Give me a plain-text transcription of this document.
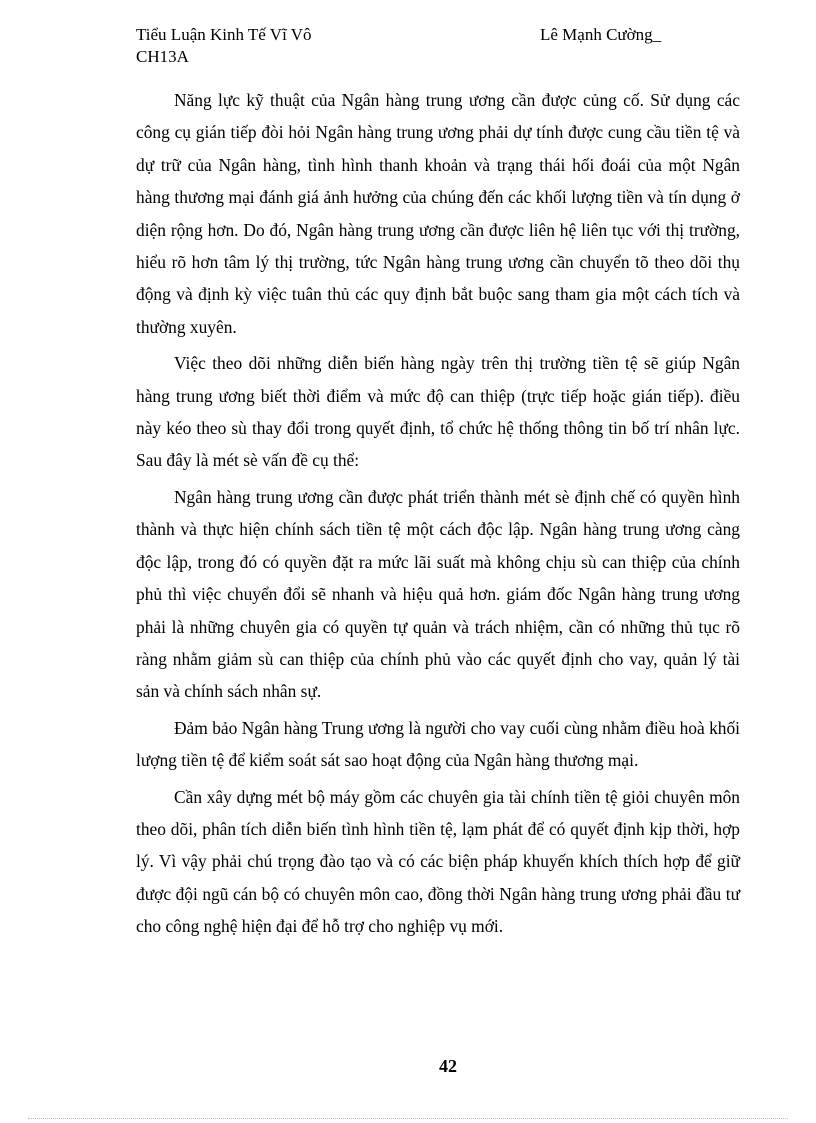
Tiểu Luận Kinh Tế Vĩ Vô CH13A
Lê Mạnh Cường_

Năng lực kỹ thuật của Ngân hàng trung ương cần được củng cố. Sử dụng các công cụ gián tiếp đòi hỏi Ngân hàng trung ương phải dự tính được cung cầu tiền tệ và dự trữ của Ngân hàng, tình hình thanh khoản và trạng thái hối đoái của một Ngân hàng thương mại đánh giá ảnh hưởng của chúng đến các khối lượng tiền và tín dụng ở diện rộng hơn. Do đó, Ngân hàng trung ương cần được liên hệ liên tục với thị trường, hiểu rõ hơn tâm lý thị trường, tức Ngân hàng trung ương cần chuyển tõ theo dõi thụ động và định kỳ việc tuân thủ các quy định bắt buộc sang tham gia một cách tích và thường xuyên.

Việc theo dõi những diễn biến hàng ngày trên thị trường tiền tệ sẽ giúp Ngân hàng trung ương biết thời điểm và mức độ can thiệp (trực tiếp hoặc gián tiếp). điều này kéo theo sù thay đổi trong quyết định, tổ chức hệ thống thông tin bố trí nhân lực. Sau đây là mét sè vấn đề cụ thể:

Ngân hàng trung ương cần được phát triển thành mét sè định chế có quyền hình thành và thực hiện chính sách tiền tệ một cách độc lập. Ngân hàng trung ương càng độc lập, trong đó có quyền đặt ra mức lãi suất mà không chịu sù can thiệp của chính phủ thì việc chuyển đổi sẽ nhanh và hiệu quả hơn. giám đốc Ngân hàng trung ương phải là những chuyên gia có quyền tự quản và trách nhiệm, cần có những thủ tục rõ ràng nhằm giảm sù can thiệp của chính phủ vào các quyết định cho vay, quản lý tài sản và chính sách nhân sự.

Đảm bảo Ngân hàng Trung ương là người cho vay cuối cùng nhằm điều hoà khối lượng tiền tệ để kiểm soát sát sao hoạt động của Ngân hàng thương mại.

Cần xây dựng mét bộ máy gồm các chuyên gia tài chính tiền tệ giỏi chuyên môn theo dõi, phân tích diễn biến tình hình tiền tệ, lạm phát để có quyết định kịp thời, hợp lý. Vì vậy phải chú trọng đào tạo và có các biện pháp khuyến khích thích hợp để giữ được đội ngũ cán bộ có chuyên môn cao, đồng thời Ngân hàng trung ương phải đầu tư cho công nghệ hiện đại để hỗ trợ cho nghiệp vụ mới.

42
